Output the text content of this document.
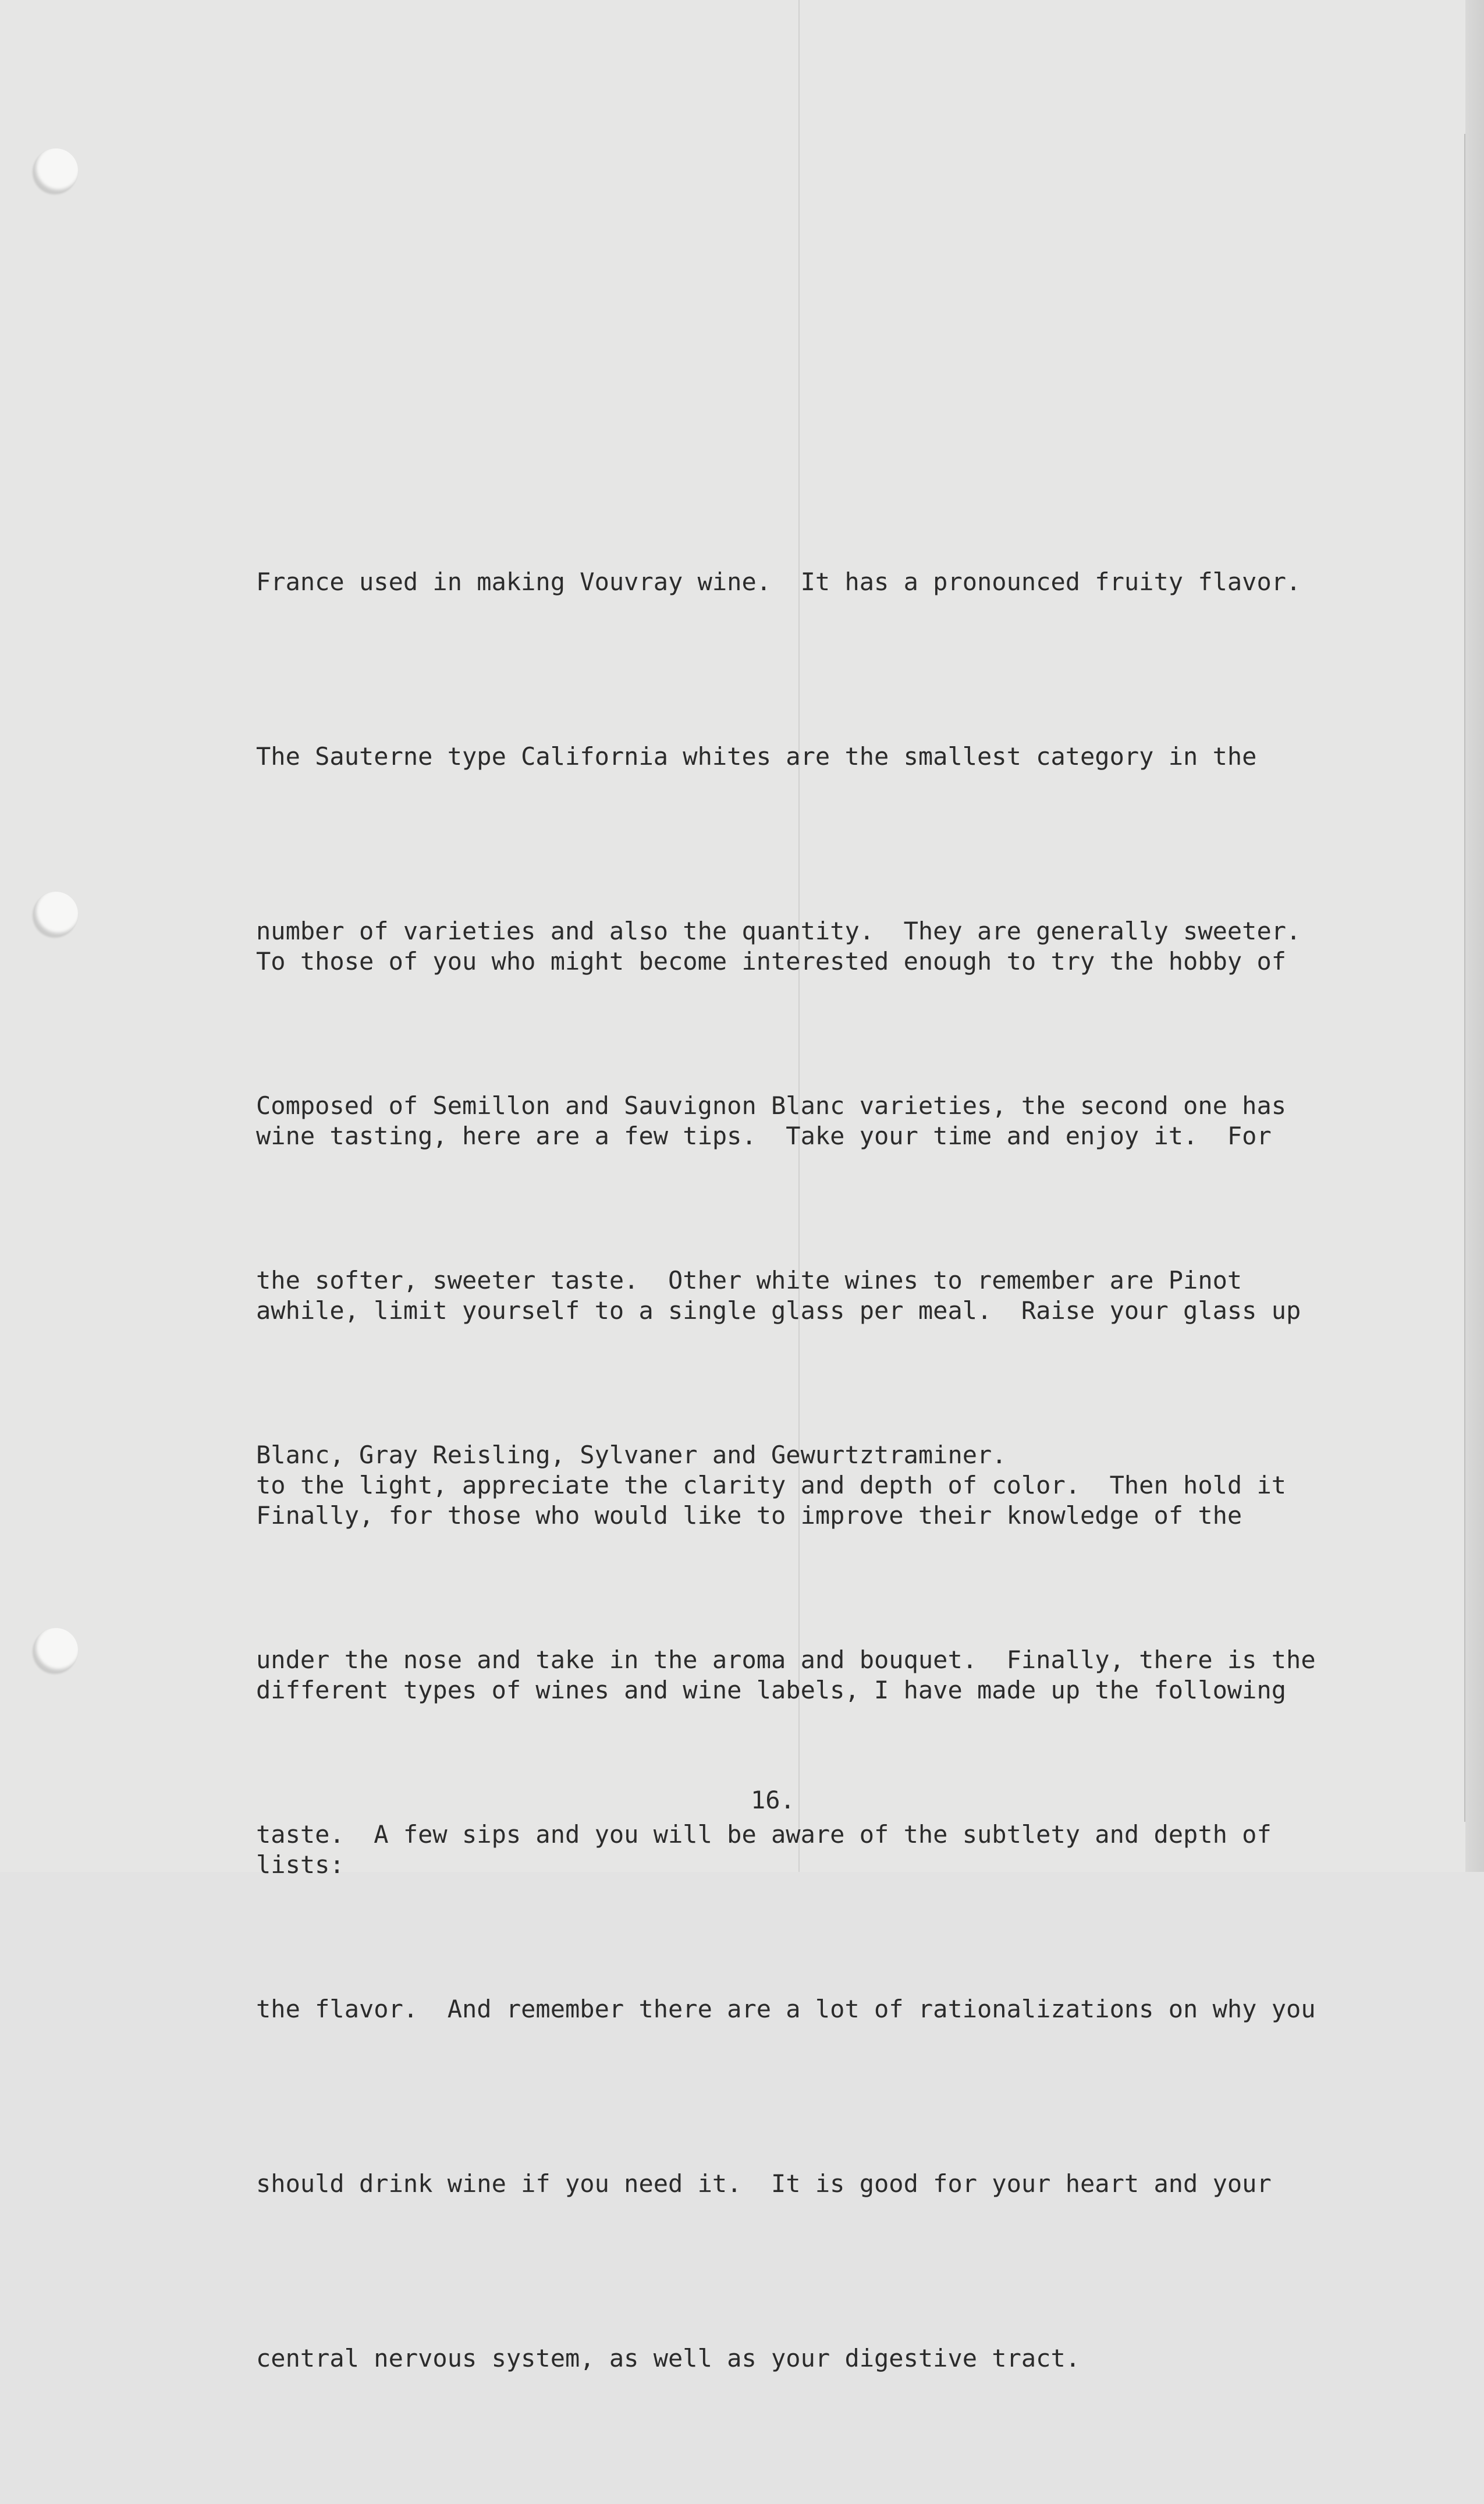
France used in making Vouvray wine.  It has a pronounced fruity flavor.

The Sauterne type California whites are the smallest category in the

number of varieties and also the quantity.  They are generally sweeter.

Composed of Semillon and Sauvignon Blanc varieties, the second one has

the softer, sweeter taste.  Other white wines to remember are Pinot

Blanc, Gray Reisling, Sylvaner and Gewurtztraminer.

To those of you who might become interested enough to try the hobby of

wine tasting, here are a few tips.  Take your time and enjoy it.  For

awhile, limit yourself to a single glass per meal.  Raise your glass up

to the light, appreciate the clarity and depth of color.  Then hold it

under the nose and take in the aroma and bouquet.  Finally, there is the

taste.  A few sips and you will be aware of the subtlety and depth of

the flavor.  And remember there are a lot of rationalizations on why you

should drink wine if you need it.  It is good for your heart and your

central nervous system, as well as your digestive tract.

Finally, for those who would like to improve their knowledge of the

different types of wines and wine labels, I have made up the following

lists:

16.
